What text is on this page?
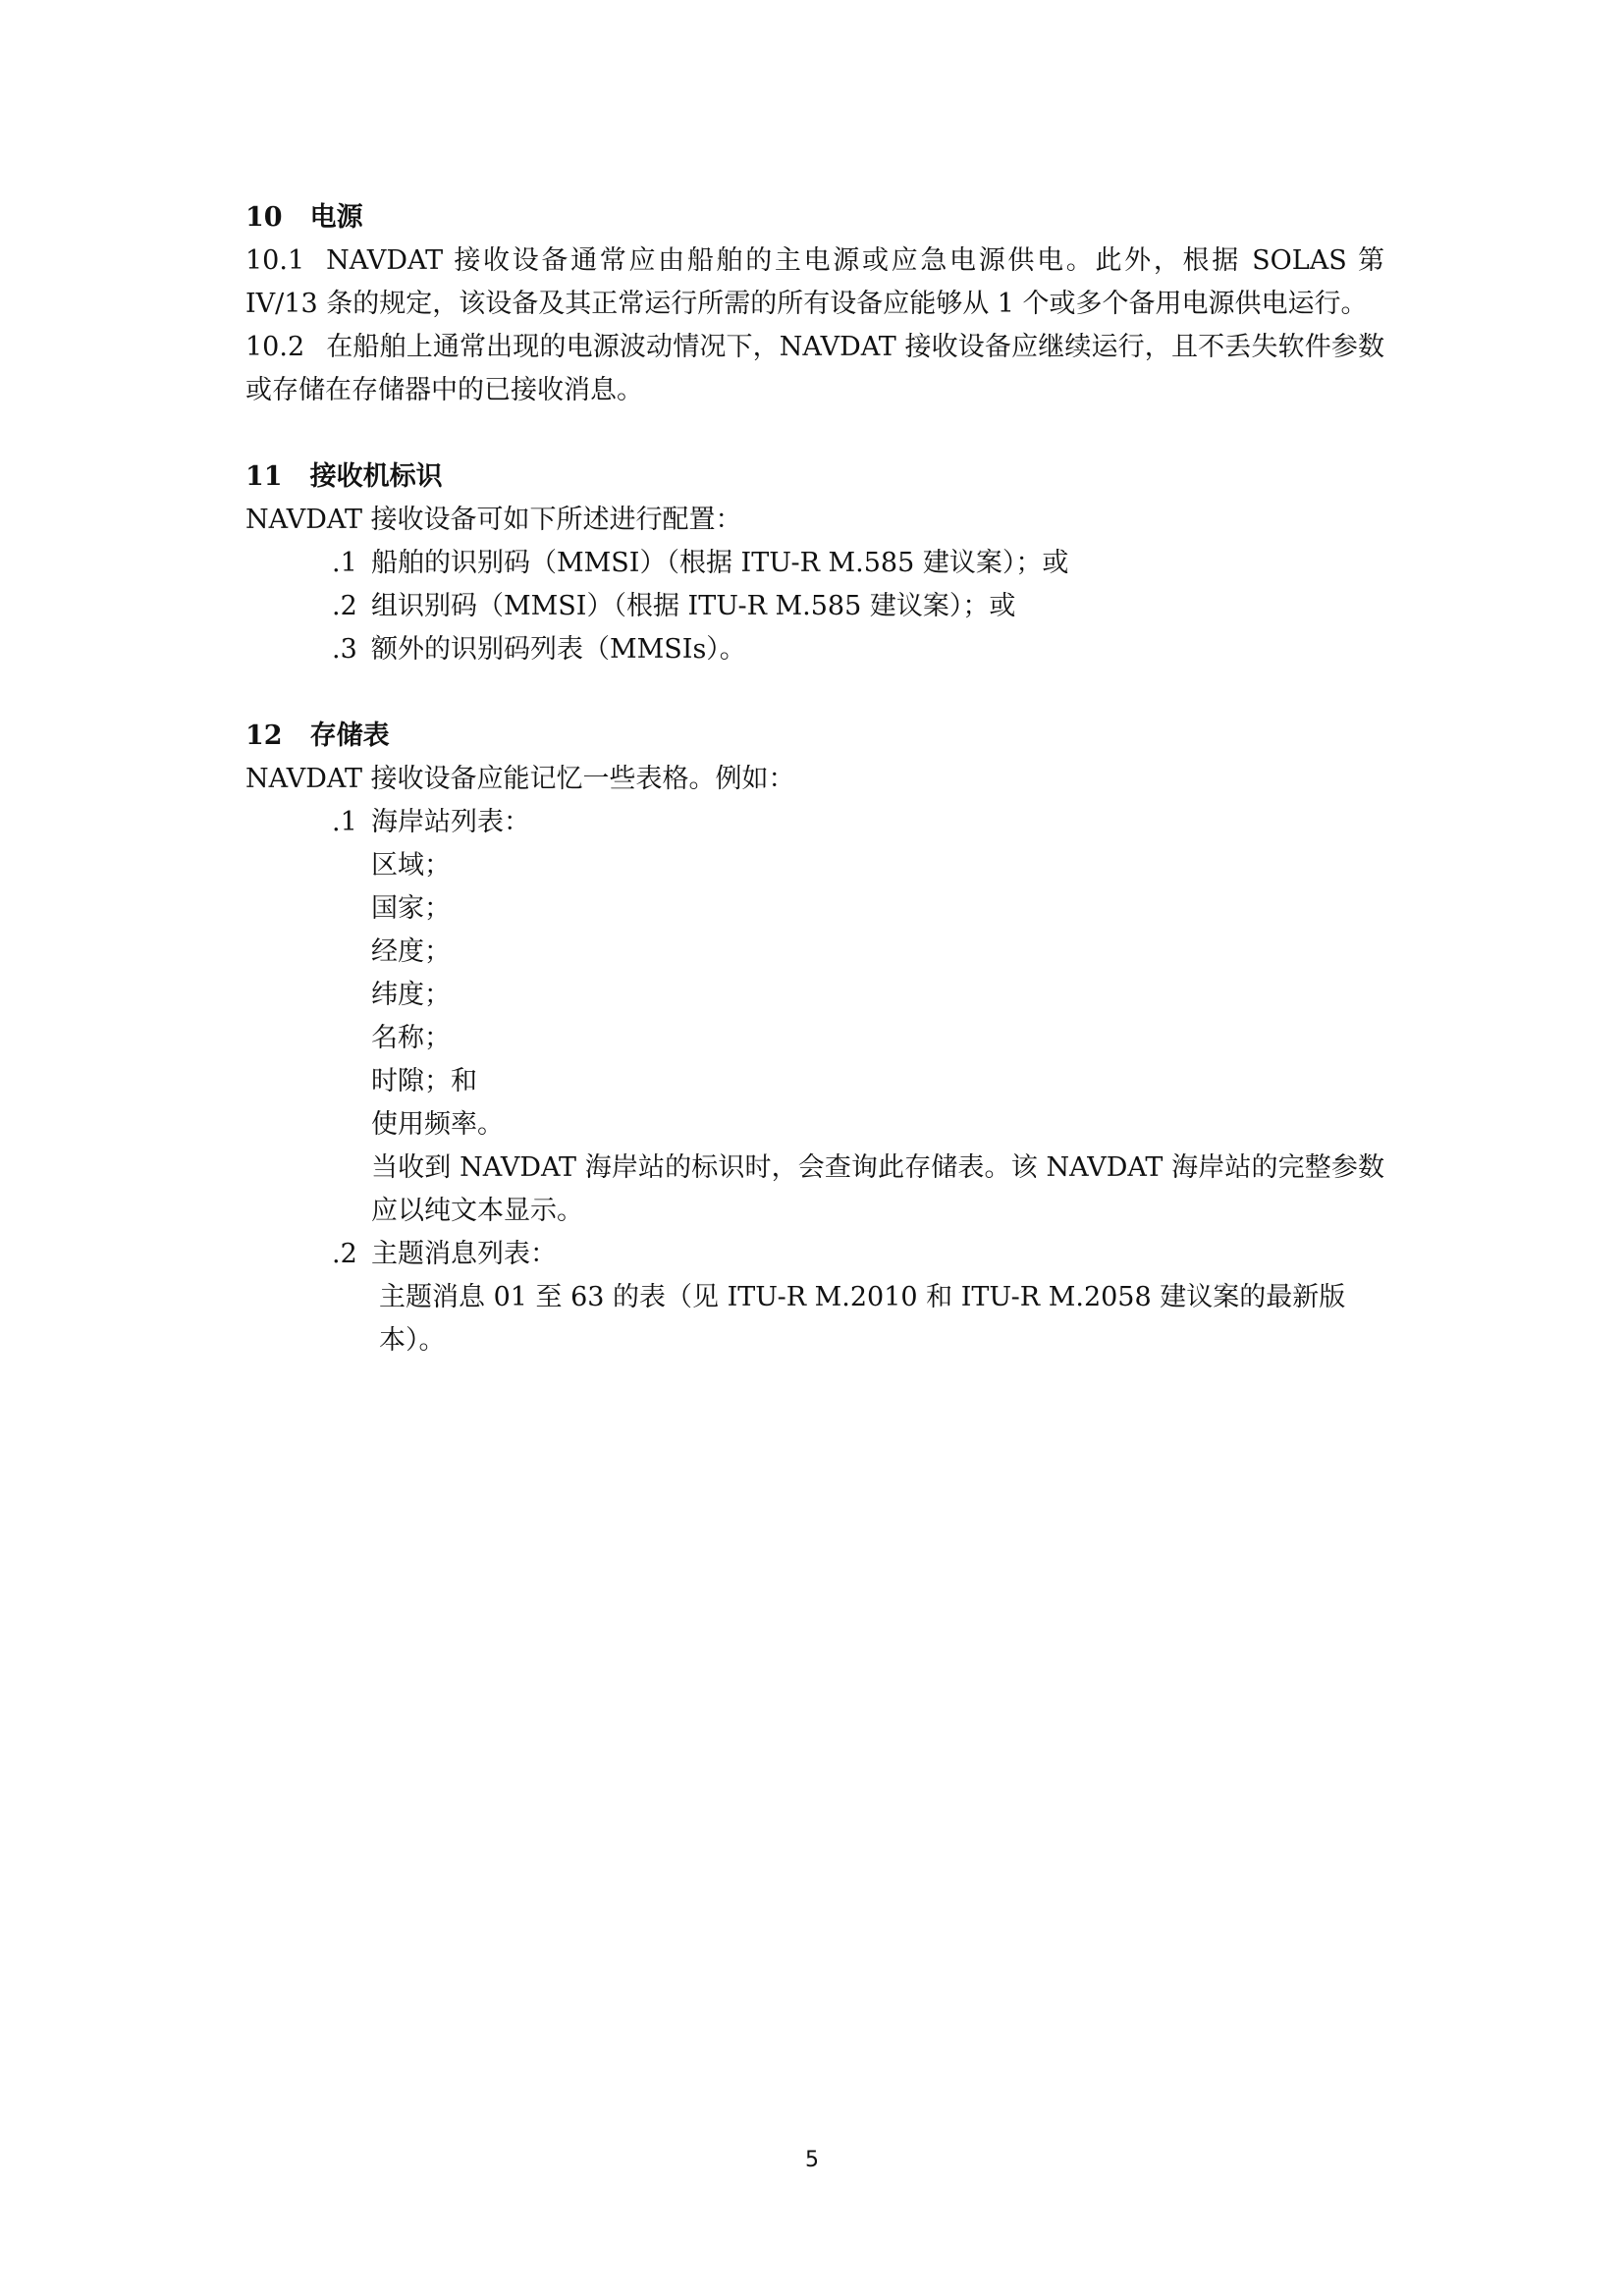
10 电源
10.1 NAVDAT 接收设备通常应由船舶的主电源或应急电源供电。此外，根据 SOLAS 第 IV/13 条的规定，该设备及其正常运行所需的所有设备应能够从 1 个或多个备用电源供电运行。
10.2 在船舶上通常出现的电源波动情况下，NAVDAT 接收设备应继续运行，且不丢失软件参数或存储在存储器中的已接收消息。
11 接收机标识
NAVDAT 接收设备可如下所述进行配置：
.1 船舶的识别码（MMSI）（根据 ITU-R M.585 建议案）；或
.2 组识别码（MMSI）（根据 ITU-R M.585 建议案）；或
.3 额外的识别码列表（MMSIs）。
12 存储表
NAVDAT 接收设备应能记忆一些表格。例如：
.1 海岸站列表：
区域；
国家；
经度；
纬度；
名称；
时隙；和
使用频率。
当收到 NAVDAT 海岸站的标识时，会查询此存储表。该 NAVDAT 海岸站的完整参数应以纯文本显示。
.2 主题消息列表：
主题消息 01 至 63 的表（见 ITU-R M.2010 和 ITU-R M.2058 建议案的最新版本）。
5
